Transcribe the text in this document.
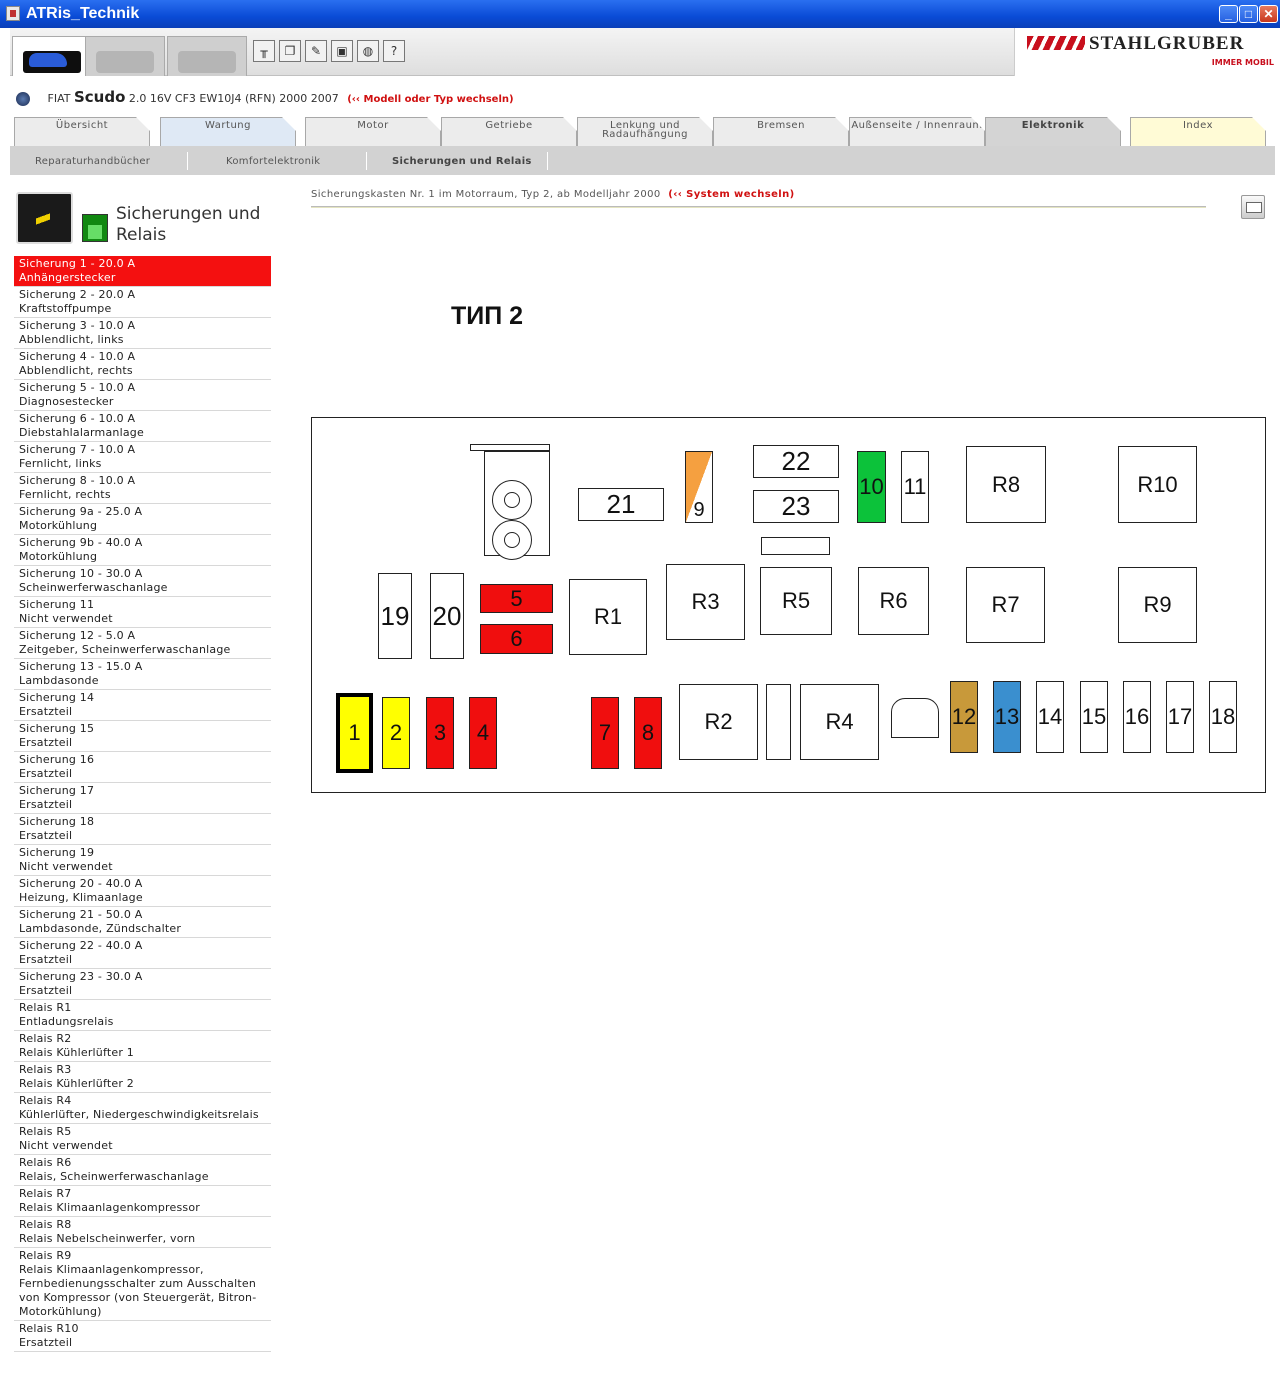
ATRis_Technik	_	□ ✕
╥	❐	✎	▣	◍	?	STAHLGRUBER
IMMER MOBIL
FIAT Scudo 2.0 16V CF3 EW10J4 (RFN) 2000 2007 (‹‹ Modell oder Typ wechseln)
Übersicht	Wartung	Motor	Getriebe	Lenkung und Radaufhängung
Bremsen	Außenseite / Innenraum	Elektronik	Index
Reparaturhandbücher	Komfortelektronik	Sicherungen und Relais
Sicherungen und Relais
Sicherung 1 - 20.0 A
Anhängerstecker
Sicherung 2 - 20.0 A
Kraftstoffpumpe
Sicherung 3 - 10.0 A
Abblendlicht, links
Sicherung 4 - 10.0 A
Abblendlicht, rechts
Sicherung 5 - 10.0 A
Diagnosestecker
Sicherung 6 - 10.0 A
Diebstahlalarmanlage
Sicherung 7 - 10.0 A
Fernlicht, links
Sicherung 8 - 10.0 A
Fernlicht, rechts
Sicherung 9a - 25.0 A
Motorkühlung
Sicherung 9b - 40.0 A
Motorkühlung
Sicherung 10 - 30.0 A
Scheinwerferwaschanlage
Sicherung 11
Nicht verwendet
Sicherung 12 - 5.0 A
Zeitgeber, Scheinwerferwaschanlage
Sicherung 13 - 15.0 A
Lambdasonde
Sicherung 14
Ersatzteil
Sicherung 15
Ersatzteil
Sicherung 16
Ersatzteil
Sicherung 17
Ersatzteil
Sicherung 18
Ersatzteil
Sicherung 19
Nicht verwendet
Sicherung 20 - 40.0 A
Heizung, Klimaanlage
Sicherung 21 - 50.0 A
Lambdasonde, Zündschalter
Sicherung 22 - 40.0 A
Ersatzteil
Sicherung 23 - 30.0 A
Ersatzteil
Relais R1
Entladungsrelais
Relais R2
Relais Kühlerlüfter 1
Relais R3
Relais Kühlerlüfter 2
Relais R4
Kühlerlüfter, Niedergeschwindigkeitsrelais
Relais R5
Nicht verwendet
Relais R6
Relais, Scheinwerferwaschanlage
Relais R7
Relais Klimaanlagenkompressor
Relais R8
Relais Nebelscheinwerfer, vorn
Relais R9
Relais Klimaanlagenkompressor, Fernbedienungsschalter zum Ausschalten von Kompressor (von Steuergerät, Bitron-Motorkühlung)
Relais R10
Ersatzteil
Sicherungskasten Nr. 1 im Motorraum, Typ 2, ab Modelljahr 2000 (‹‹ System wechseln)
ТИП 2
21	9
22
23
10 11	R8	R10
19 20
5
6
R1
R3	R5	R6	R7	R9
1	2	3	4	7	8	R2	R4	12 13 14 15 16 17 18
